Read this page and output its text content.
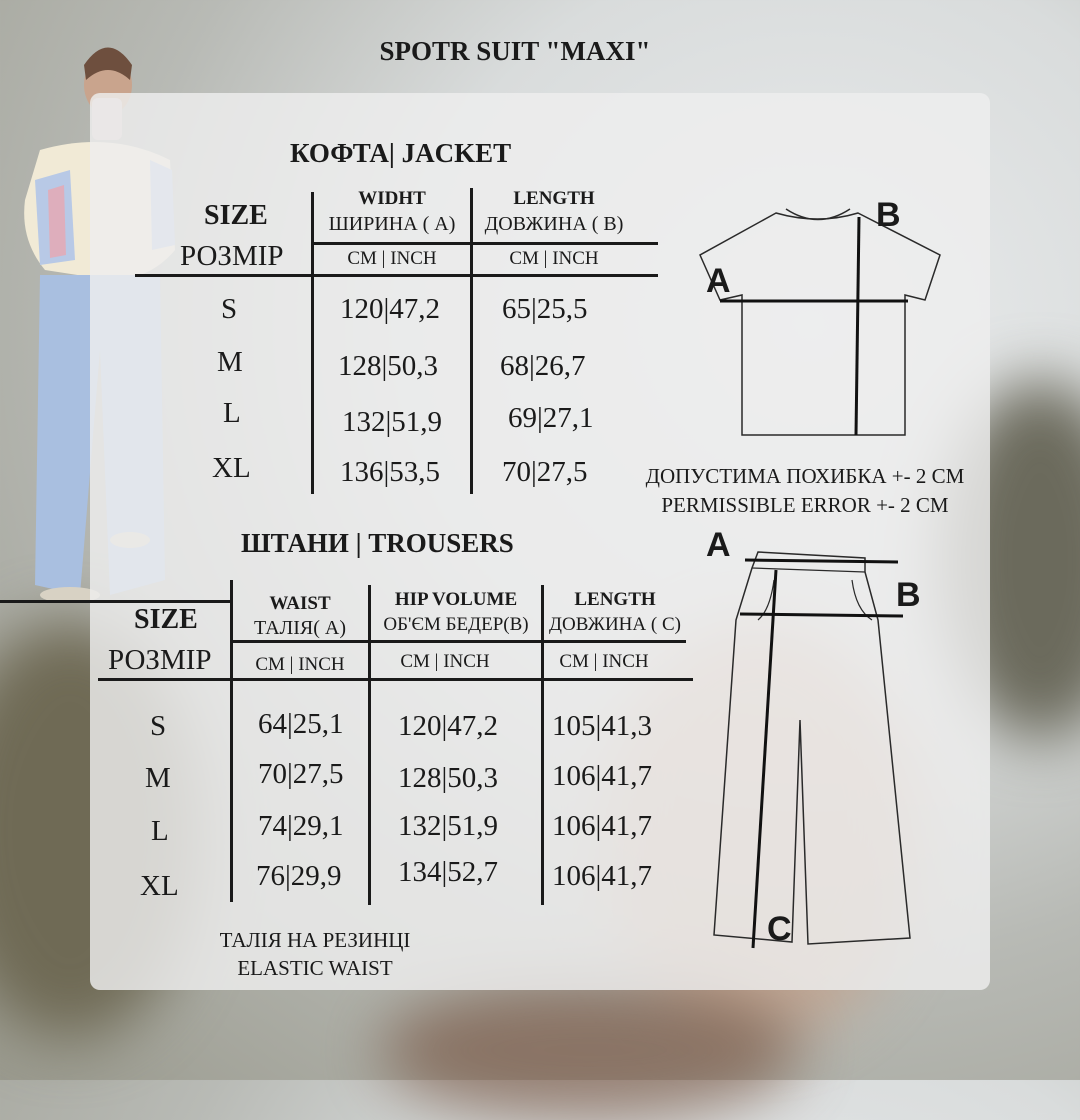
SPOTR SUIT "MAXI"
КОФТА| JACKET
SIZE
РОЗМІР
WIDHT
ШИРИНА ( А)
CM | INCH
LENGTH
ДОВЖИНА ( В)
CM | INCH
S	120|47,2 65|25,5
M	128|50,3 68|26,7
L	132|51,9 69|27,1
XL	136|53,5 70|27,5
A
B
ДОПУСТИМА ПОХИБКА +- 2 CM
PERMISSIBLE ERROR +- 2 CM
ШТАНИ | TROUSERS
SIZE
РОЗМІР
WAIST
ТАЛІЯ( А)
CM | INCH
HIP VOLUME
ОБ'ЄМ БЕДЕР(В)
CM | INCH
LENGTH
ДОВЖИНА ( С)
CM | INCH
S	64|25,1 120|47,2 105|41,3
M	70|27,5 128|50,3 106|41,7
L	74|29,1 132|51,9 106|41,7
XL	76|29,9 134|52,7 106|41,7
ТАЛІЯ НА РЕЗИНЦІ
ELASTIC WAIST
A
B
C
